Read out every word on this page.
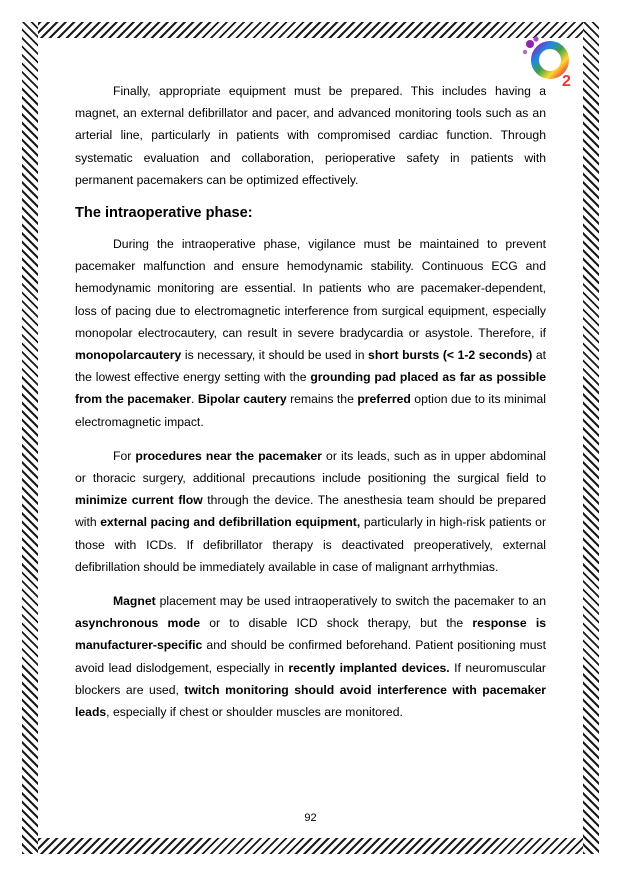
2

Finally, appropriate equipment must be prepared. This includes having a magnet, an external defibrillator and pacer, and advanced monitoring tools such as an arterial line, particularly in patients with compromised cardiac function. Through systematic evaluation and collaboration, perioperative safety in patients with permanent pacemakers can be optimized effectively.

The intraoperative phase:

During the intraoperative phase, vigilance must be maintained to prevent pacemaker malfunction and ensure hemodynamic stability. Continuous ECG and hemodynamic monitoring are essential. In patients who are pacemaker-dependent, loss of pacing due to electromagnetic interference from surgical equipment, especially monopolar electrocautery, can result in severe bradycardia or asystole. Therefore, if monopolarcautery is necessary, it should be used in short bursts (< 1-2 seconds) at the lowest effective energy setting with the grounding pad placed as far as possible from the pacemaker. Bipolar cautery remains the preferred option due to its minimal electromagnetic impact.

For procedures near the pacemaker or its leads, such as in upper abdominal or thoracic surgery, additional precautions include positioning the surgical field to minimize current flow through the device. The anesthesia team should be prepared with external pacing and defibrillation equipment, particularly in high-risk patients or those with ICDs. If defibrillator therapy is deactivated preoperatively, external defibrillation should be immediately available in case of malignant arrhythmias.

Magnet placement may be used intraoperatively to switch the pacemaker to an asynchronous mode or to disable ICD shock therapy, but the response is manufacturer-specific and should be confirmed beforehand. Patient positioning must avoid lead dislodgement, especially in recently implanted devices. If neuromuscular blockers are used, twitch monitoring should avoid interference with pacemaker leads, especially if chest or shoulder muscles are monitored.

92
